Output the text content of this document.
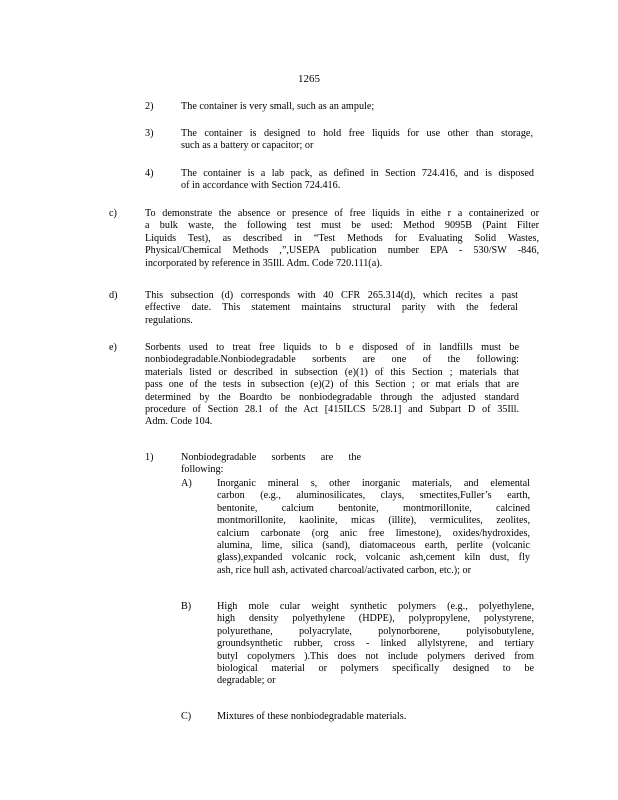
1265
2)	The container is very small, such as an ampule;
3)	The container is designed to hold free liquids for use other than storage,
such as a battery or capacitor; or
4)	The container is a lab pack, as defined in Section 724.416, and is disposed
of in accordance with Section 724.416.
c)	To demonstrate the absence or presence of free liquids in eithe r a containerized or
a bulk waste, the following test must be used: Method 9095B (Paint Filter
Liquids Test), as described in “Test Methods for Evaluating Solid Wastes,
Physical/Chemical Methods ,”,USEPA publication number EPA - 530/SW -846,
incorporated by reference in 35Ill. Adm. Code 720.111(a).
d)	This subsection (d) corresponds with 40 CFR 265.314(d), which recites a past
effective date. This statement maintains structural parity with the federal
regulations.
e)	Sorbents used to treat free liquids to b e disposed of in landfills must be
nonbiodegradable.Nonbiodegradable sorbents are one of the following:
materials listed or described in subsection (e)(1) of this Section ; materials that
pass one of the tests in subsection (e)(2) of this Section ; or mat erials that are
determined by the Boardto be nonbiodegradable through the adjusted standard
procedure of Section 28.1 of the Act [415ILCS 5/28.1] and Subpart D of 35Ill.
Adm. Code 104.
1)	Nonbiodegradable sorbents are the following:
A) Inorganic mineral s, other inorganic materials, and elemental
carbon (e.g., aluminosilicates, clays, smectites,Fuller’s earth,
bentonite, calcium bentonite, montmorillonite, calcined
montmorillonite, kaolinite, micas (illite), vermiculites, zeolites,
calcium carbonate (org anic free limestone), oxides/hydroxides,
alumina, lime, silica (sand), diatomaceous earth, perlite (volcanic
glass),expanded volcanic rock, volcanic ash,cement kiln dust, fly
ash, rice hull ash, activated charcoal/activated carbon, etc.); or
B)	High mole cular weight synthetic polymers (e.g., polyethylene,
high density polyethylene (HDPE), polypropylene, polystyrene,
polyurethane, polyacrylate, polynorborene, polyisobutylene,
groundsynthetic rubber, cross - linked allylstyrene, and tertiary
butyl copolymers ).This does not include polymers derived from
biological material or polymers specifically designed to be
degradable; or
C)	Mixtures of these nonbiodegradable materials.
